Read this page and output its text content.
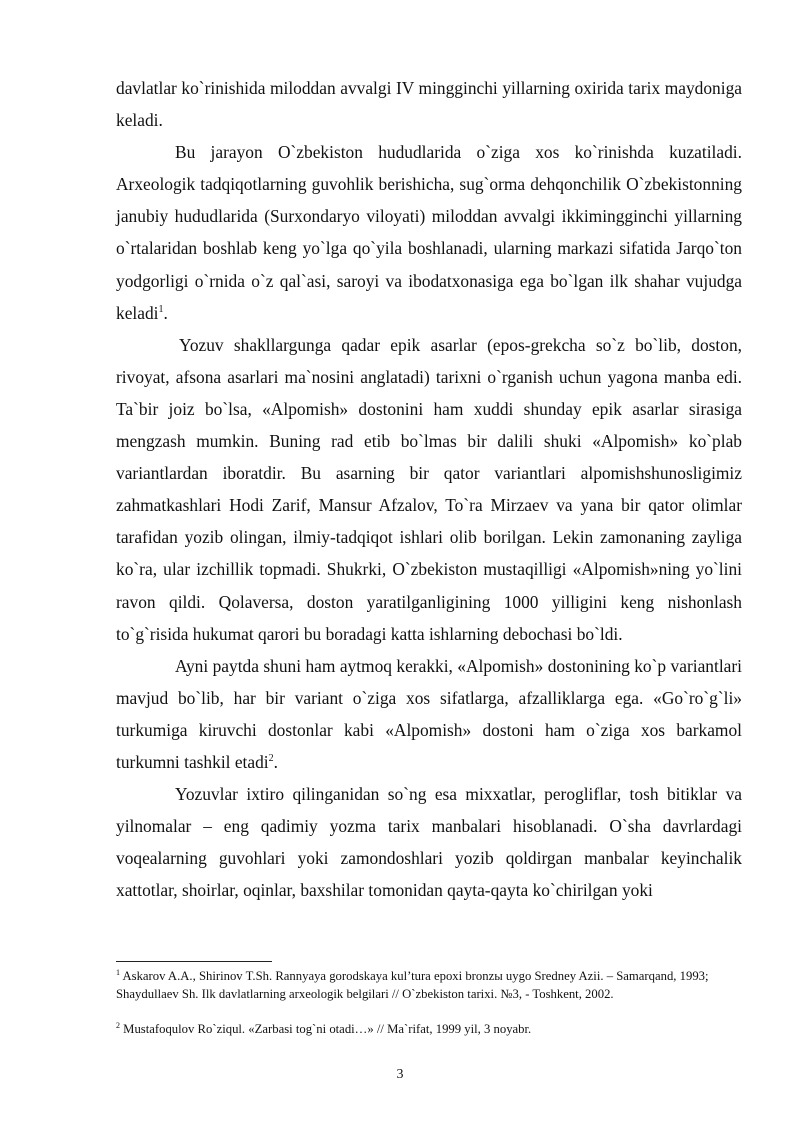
davlatlar ko`rinishida miloddan avvalgi IV mingginchi yillarning oxirida tarix maydoniga keladi.

Bu jarayon O`zbekiston hududlarida o`ziga xos ko`rinishda kuzatiladi. Arxeologik tadqiqotlarning guvohlik berishicha, sug`orma dehqonchilik O`zbekistonning janubiy hududlarida (Surxondaryo viloyati) miloddan avvalgi ikkimingginchi yillarning o`rtalaridan boshlab keng yo`lga qo`yila boshlanadi, ularning markazi sifatida Jarqo`ton yodgorligi o`rnida o`z qal`asi, saroyi va ibodatxonasiga ega bo`lgan ilk shahar vujudga keladi$^1$.

Yozuv shakllargunga qadar epik asarlar (epos-grekcha so`z bo`lib, doston, rivoyat, afsona asarlari ma`nosini anglatadi) tarixni o`rganish uchun yagona manba edi. Ta`bir joiz bo`lsa, «Alpomish» dostonini ham xuddi shunday epik asarlar sirasiga mengzash mumkin. Buning rad etib bo`lmas bir dalili shuki «Alpomish» ko`plab variantlardan iboratdir. Bu asarning bir qator variantlari alpomishshunosligimiz zahmatkashlari Hodi Zarif, Mansur Afzalov, To`ra Mirzaev va yana bir qator olimlar tarafidan yozib olingan, ilmiy-tadqiqot ishlari olib borilgan. Lekin zamonaning zayliga ko`ra, ular izchillik topmadi. Shukrki, O`zbekiston mustaqilligi «Alpomish»ning yo`lini ravon qildi. Qolaversa, doston yaratilganligining 1000 yilligini keng nishonlash to`g`risida hukumat qarori bu boradagi katta ishlarning debochasi bo`ldi.

Ayni paytda shuni ham aytmoq kerakki, «Alpomish» dostonining ko`p variantlari mavjud bo`lib, har bir variant o`ziga xos sifatlarga, afzalliklarga ega. «Go`ro`g`li» turkumiga kiruvchi dostonlar kabi «Alpomish» dostoni ham o`ziga xos barkamol turkumni tashkil etadi$^2$.

Yozuvlar ixtiro qilinganidan so`ng esa mixxatlar, perogliflar, tosh bitiklar va yilnomalar – eng qadimiy yozma tarix manbalari hisoblanadi. O`sha davrlardagi voqealarning guvohlari yoki zamondoshlari yozib qoldirgan manbalar keyinchalik xattotlar, shoirlar, oqinlar, baxshilar tomonidan qayta-qayta ko`chirilgan yoki

$^1$ Askarov A.A., Shirinov T.Sh. Rannyaya gorodskaya kul’tura epoxi bronzы uygo Sredney Azii. – Samarqand, 1993; Shaydullaev Sh. Ilk davlatlarning arxeologik belgilari // O`zbekiston tarixi. №3, - Toshkent, 2002.

$^2$ Mustafoqulov Ro`ziqul. «Zarbasi tog`ni otadi…» // Ma`rifat, 1999 yil, 3 noyabr.

3
